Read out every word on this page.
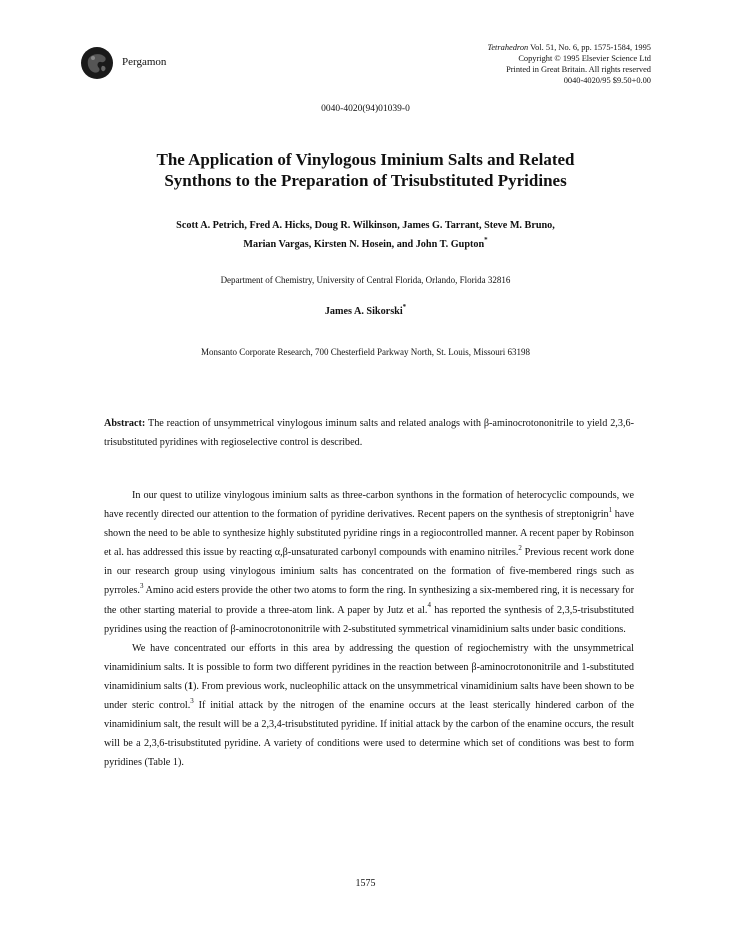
Pergamon
Tetrahedron Vol. 51, No. 6, pp. 1575-1584, 1995
Copyright © 1995 Elsevier Science Ltd
Printed in Great Britain. All rights reserved
0040-4020/95 $9.50+0.00
0040-4020(94)01039-0
The Application of Vinylogous Iminium Salts and Related
Synthons to the Preparation of Trisubstituted Pyridines
Scott A. Petrich, Fred A. Hicks, Doug R. Wilkinson, James G. Tarrant, Steve M. Bruno,
Marian Vargas, Kirsten N. Hosein, and John T. Gupton*
Department of Chemistry, University of Central Florida, Orlando, Florida 32816
James A. Sikorski*
Monsanto Corporate Research, 700 Chesterfield Parkway North, St. Louis, Missouri 63198
Abstract: The reaction of unsymmetrical vinylogous iminum salts and related analogs with β-aminocrotononitrile to yield 2,3,6-trisubstituted pyridines with regioselective control is described.

In our quest to utilize vinylogous iminium salts as three-carbon synthons in the formation of heterocyclic compounds, we have recently directed our attention to the formation of pyridine derivatives. Recent papers on the synthesis of streptonigrin$^1$ have shown the need to be able to synthesize highly substituted pyridine rings in a regiocontrolled manner. A recent paper by Robinson et al. has addressed this issue by reacting α,β-unsaturated carbonyl compounds with enamino nitriles.$^2$ Previous recent work done in our research group using vinylogous iminium salts has concentrated on the formation of five-membered rings such as pyrroles.$^3$ Amino acid esters provide the other two atoms to form the ring. In synthesizing a six-membered ring, it is necessary for the other starting material to provide a three-atom link. A paper by Jutz et al.$^4$ has reported the synthesis of 2,3,5-trisubstituted pyridines using the reaction of β-aminocrotononitrile with 2-substituted symmetrical vinamidinium salts under basic conditions.

We have concentrated our efforts in this area by addressing the question of regiochemistry with the unsymmetrical vinamidinium salts. It is possible to form two different pyridines in the reaction between β-aminocrotononitrile and 1-substituted vinamidinium salts (1). From previous work, nucleophilic attack on the unsymmetrical vinamidinium salts have been shown to be under steric control.$^3$ If initial attack by the nitrogen of the enamine occurs at the least sterically hindered carbon of the vinamidinium salt, the result will be a 2,3,4-trisubstituted pyridine. If initial attack by the carbon of the enamine occurs, the result will be a 2,3,6-trisubstituted pyridine. A variety of conditions were used to determine which set of conditions was best to form pyridines (Table 1).

1575
